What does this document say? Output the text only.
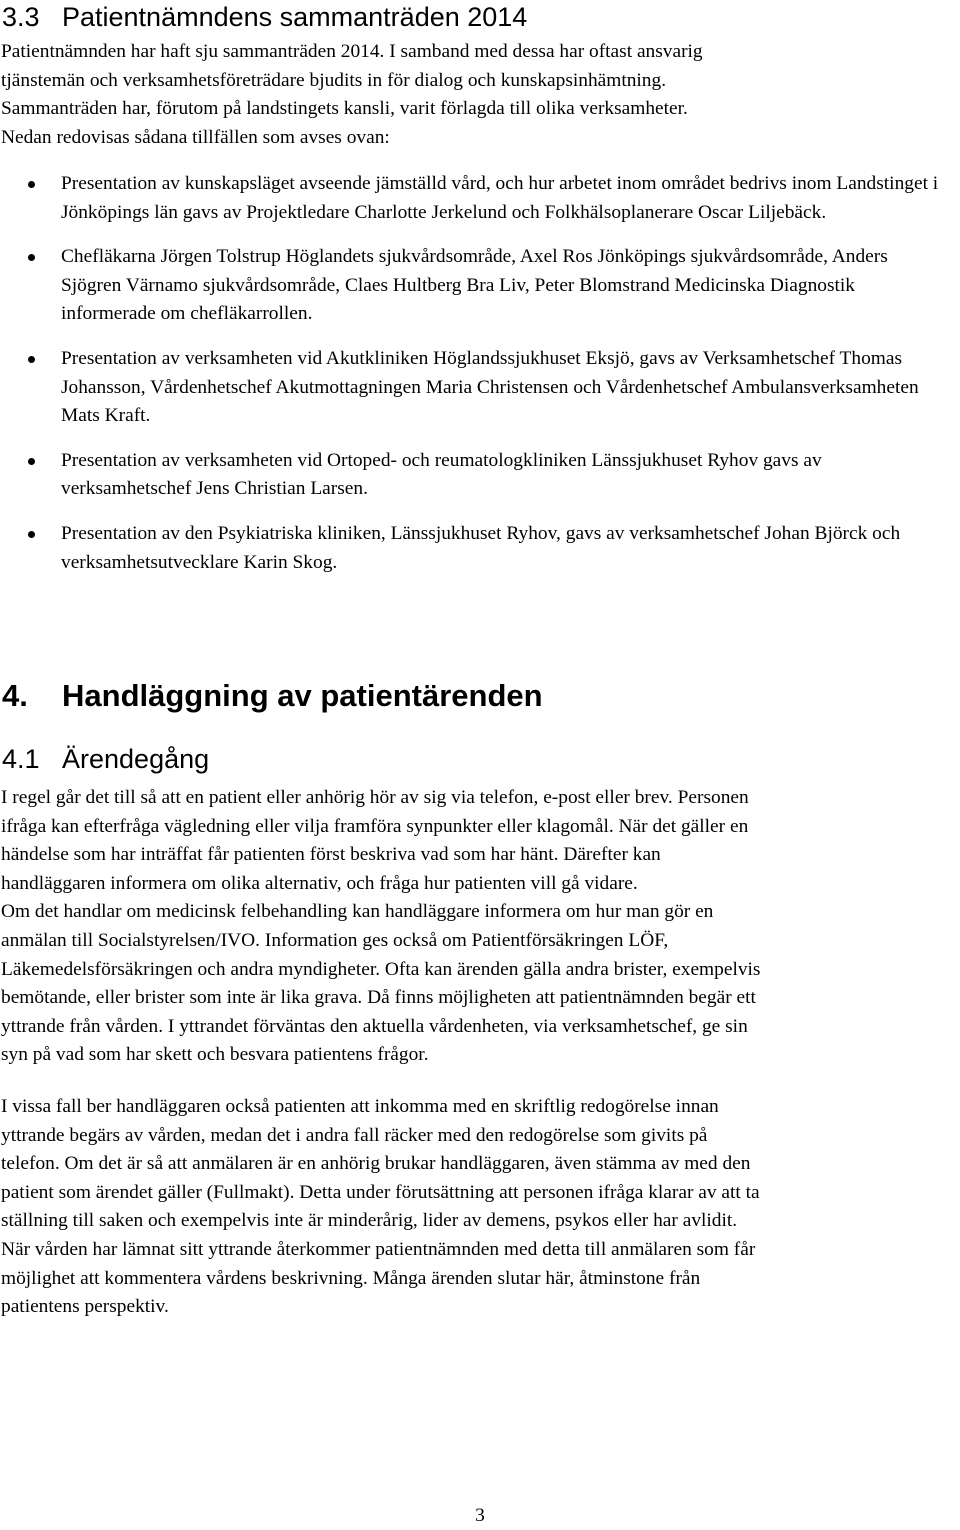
3.3 Patientnämndens sammanträden 2014
Patientnämnden har haft sju sammanträden 2014. I samband med dessa har oftast ansvarig
tjänstemän och verksamhetsföreträdare bjudits in för dialog och kunskapsinhämtning.
Sammanträden har, förutom på landstingets kansli, varit förlagda till olika verksamheter.
Nedan redovisas sådana tillfällen som avses ovan:
Presentation av kunskapsläget avseende jämställd vård, och hur arbetet inom området bedrivs inom Landstinget i Jönköpings län gavs av Projektledare Charlotte Jerkelund och Folkhälsoplanerare Oscar Liljebäck.
Chefläkarna Jörgen Tolstrup Höglandets sjukvårdsområde, Axel Ros Jönköpings sjukvårdsområde, Anders Sjögren Värnamo sjukvårdsområde, Claes Hultberg Bra Liv, Peter Blomstrand Medicinska Diagnostik informerade om chefläkarrollen.
Presentation av verksamheten vid Akutkliniken Höglandssjukhuset Eksjö, gavs av Verksamhetschef Thomas Johansson, Vårdenhetschef Akutmottagningen Maria Christensen och Vårdenhetschef Ambulansverksamheten Mats Kraft.
Presentation av verksamheten vid Ortoped- och reumatologkliniken Länssjukhuset Ryhov gavs av verksamhetschef Jens Christian Larsen.
Presentation av den Psykiatriska kliniken, Länssjukhuset Ryhov, gavs av verksamhetschef Johan Björck och verksamhetsutvecklare Karin Skog.
4. Handläggning av patientärenden
4.1 Ärendegång
I regel går det till så att en patient eller anhörig hör av sig via telefon, e-post eller brev. Personen
ifråga kan efterfråga vägledning eller vilja framföra synpunkter eller klagomål. När det gäller en
händelse som har inträffat får patienten först beskriva vad som har hänt. Därefter kan
handläggaren informera om olika alternativ, och fråga hur patienten vill gå vidare.
Om det handlar om medicinsk felbehandling kan handläggare informera om hur man gör en
anmälan till Socialstyrelsen/IVO. Information ges också om Patientförsäkringen LÖF,
Läkemedelsförsäkringen och andra myndigheter. Ofta kan ärenden gälla andra brister, exempelvis
bemötande, eller brister som inte är lika grava. Då finns möjligheten att patientnämnden begär ett
yttrande från vården. I yttrandet förväntas den aktuella vårdenheten, via verksamhetschef, ge sin
syn på vad som har skett och besvara patientens frågor.
I vissa fall ber handläggaren också patienten att inkomma med en skriftlig redogörelse innan
yttrande begärs av vården, medan det i andra fall räcker med den redogörelse som givits på
telefon. Om det är så att anmälaren är en anhörig brukar handläggaren, även stämma av med den
patient som ärendet gäller (Fullmakt). Detta under förutsättning att personen ifråga klarar av att ta
ställning till saken och exempelvis inte är minderårig, lider av demens, psykos eller har avlidit.
När vården har lämnat sitt yttrande återkommer patientnämnden med detta till anmälaren som får
möjlighet att kommentera vårdens beskrivning. Många ärenden slutar här, åtminstone från
patientens perspektiv.
3
